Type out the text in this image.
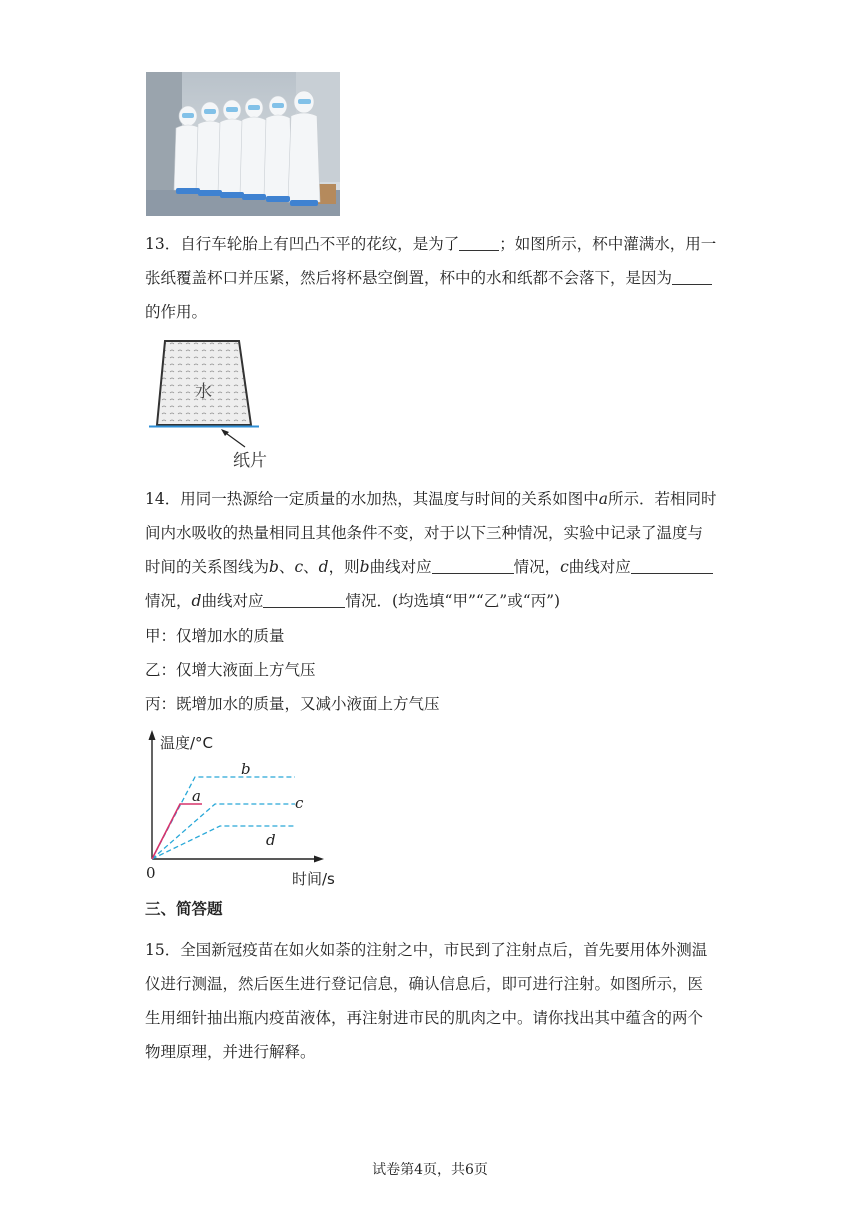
13．自行车轮胎上有凹凸不平的花纹，是为了	；如图所示，杯中灌满水，用一张纸覆盖杯口并压紧，然后将杯悬空倒置，杯中的水和纸都不会落下，是因为的作用。
水
纸片
14．用同一热源给一定质量的水加热，其温度与时间的关系如图中a所示．若相同时间内水吸收的热量相同且其他条件不变，对于以下三种情况，实验中记录了温度与时间的关系图线为b、c、d，则b曲线对应	情况，c曲线对应情况，d曲线对应	情况．(均选填“甲”“乙”或“丙”)
甲：仅增加水的质量
乙：仅增大液面上方气压
丙：既增加水的质量，又减小液面上方气压
温度/°C
时间/s
0
b
a	c
d
三、简答题
15．全国新冠疫苗在如火如荼的注射之中，市民到了注射点后，首先要用体外测温仪进行测温，然后医生进行登记信息，确认信息后，即可进行注射。如图所示，医生用细针抽出瓶内疫苗液体，再注射进市民的肌肉之中。请你找出其中蕴含的两个物理原理，并进行解释。
试卷第4页，共6页
